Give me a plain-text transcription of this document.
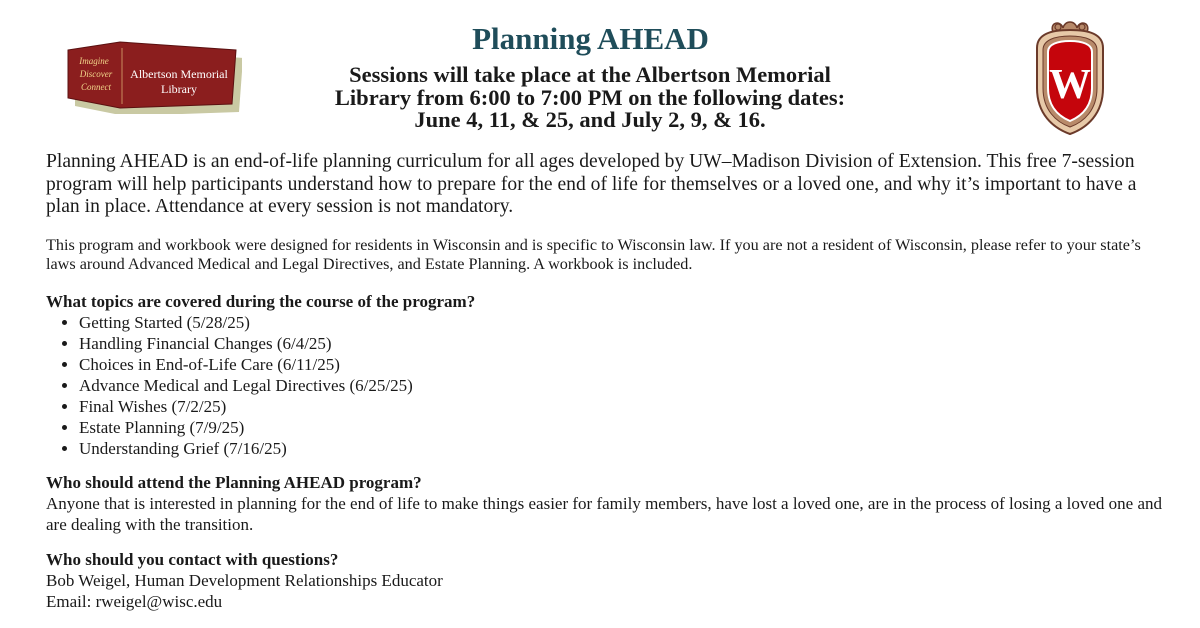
Imagine
Discover
Connect
Albertson Memorial
Library	W
Planning AHEAD
Sessions will take place at the Albertson Memorial
Library from 6:00 to 7:00 PM on the following dates:
June 4, 11, & 25, and July 2, 9, & 16.

Planning AHEAD is an end-of-life planning curriculum for all ages developed by UW–Madison Division of Extension. This free 7-session program will help participants understand how to prepare for the end of life for themselves or a loved one, and why it’s important to have a plan in place. Attendance at every session is not mandatory.

This program and workbook were designed for residents in Wisconsin and is specific to Wisconsin law. If you are not a resident of Wisconsin, please refer to your state’s laws around Advanced Medical and Legal Directives, and Estate Planning. A workbook is included.

What topics are covered during the course of the program?

• Getting Started (5/28/25)
• Handling Financial Changes (6/4/25)
• Choices in End-of-Life Care (6/11/25)
• Advance Medical and Legal Directives (6/25/25)
• Final Wishes (7/2/25)
• Estate Planning (7/9/25)
• Understanding Grief (7/16/25)

Who should attend the Planning AHEAD program?

Anyone that is interested in planning for the end of life to make things easier for family members, have lost a loved one, are in the process of losing a loved one and are dealing with the transition.

Who should you contact with questions?

Bob Weigel, Human Development Relationships Educator

Email: rweigel@wisc.edu
